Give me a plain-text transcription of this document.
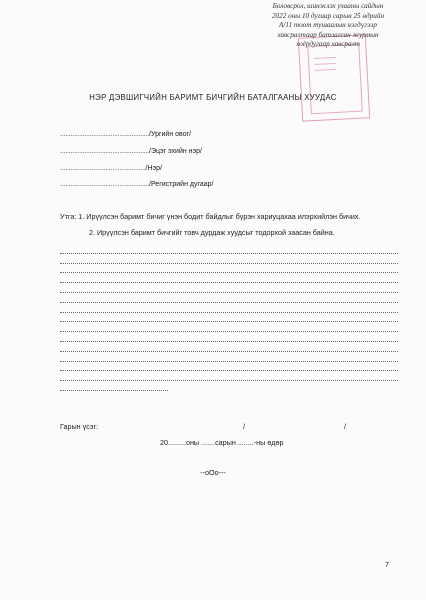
Боловсрол, шинжлэх ухааны сайдын
2022 оны 10 дугаар сарын 25 өдрийн
A/11 тоот тушаалын нэгдүгээр
хавсралтаар батлагсан журмын
хоёрдугаар хавсралт
НЭР ДЭВШИГЧИЙН БАРИМТ БИЧГИЙН БАТАЛГААНЫ ХУУДАС
.................................................../Ургийн овог/
.................................................../Эцэг эхийн нэр/
................................................./Нэр/
.................................................../Регистрийн дугаар/
Утга: 1. Ирүүлсэн баримт бичиг үнэн бодит байдлыг бүрэн хариуцахаа илэрхийлэн бичих.
2. Ирүүлсэн баримт бичгийг товч дурдаж хуудсыг тодорхой заасан байна.
Гарын үсэг:	/	/
20.........оны .......сарын ........-ны өдөр
--oOo---
7
